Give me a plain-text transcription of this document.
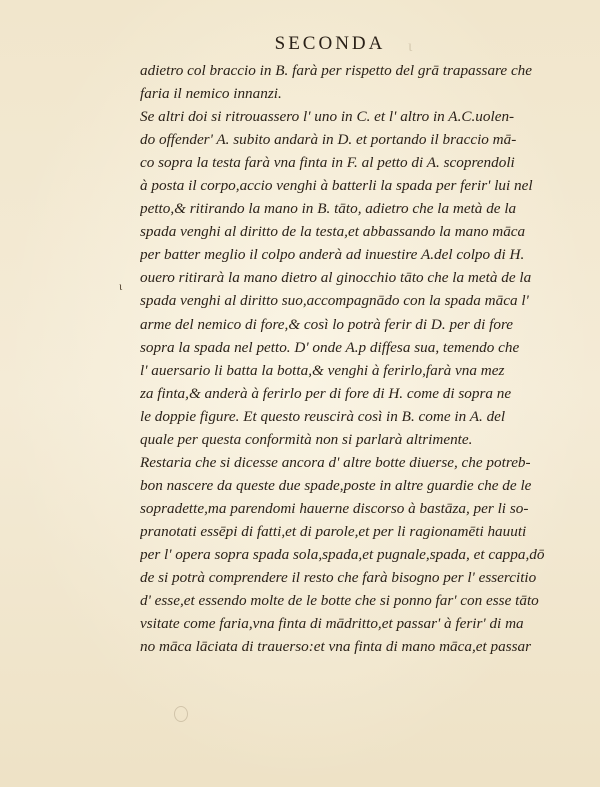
ι
SECONDA
ι
adietro col braccio in B. farà per rispetto del grā trapassare che
faria il nemico innanzi.
Se altri doi si ritrouassero l' uno in C. et l' altro in A.C.uolen-
do offender' A. subito andarà in D. et portando il braccio mā-
co sopra la testa farà vna finta in F. al petto di A. scoprendoli
à posta il corpo,accio venghi à batterli la spada per ferir' lui nel
petto,& ritirando la mano in B. tāto, adietro che la metà de la
spada venghi al diritto de la testa,et abbassando la mano māca
per batter meglio il colpo anderà ad inuestire A.del colpo di H.
ouero ritirarà la mano dietro al ginocchio tāto che la metà de la
spada venghi al diritto suo,accompagnādo con la spada māca l'
arme del nemico di fore,& così lo potrà ferir di D. per di fore
sopra la spada nel petto. D' onde A.p diffesa sua, temendo che
l' auersario li batta la botta,& venghi à ferirlo,farà vna mez
za finta,& anderà à ferirlo per di fore di H. come di sopra ne
le doppie figure. Et questo reuscirà così in B. come in A. del
quale per questa conformità non si parlarà altrimente.
Restaria che si dicesse ancora d' altre botte diuerse, che potreb-
bon nascere da queste due spade,poste in altre guardie che de le
sopradette,ma parendomi hauerne discorso à bastāza, per li so-
pranotati essēpi di fatti,et di parole,et per li ragionamēti hauuti
per l' opera sopra spada sola,spada,et pugnale,spada, et cappa,dō
de si potrà comprendere il resto che farà bisogno per l' essercitio
d' esse,et essendo molte de le botte che si ponno far' con esse tāto
vsitate come faria,vna finta di mādritto,et passar' à ferir' di ma
no māca lāciata di trauerso:et vna finta di mano māca,et passar
